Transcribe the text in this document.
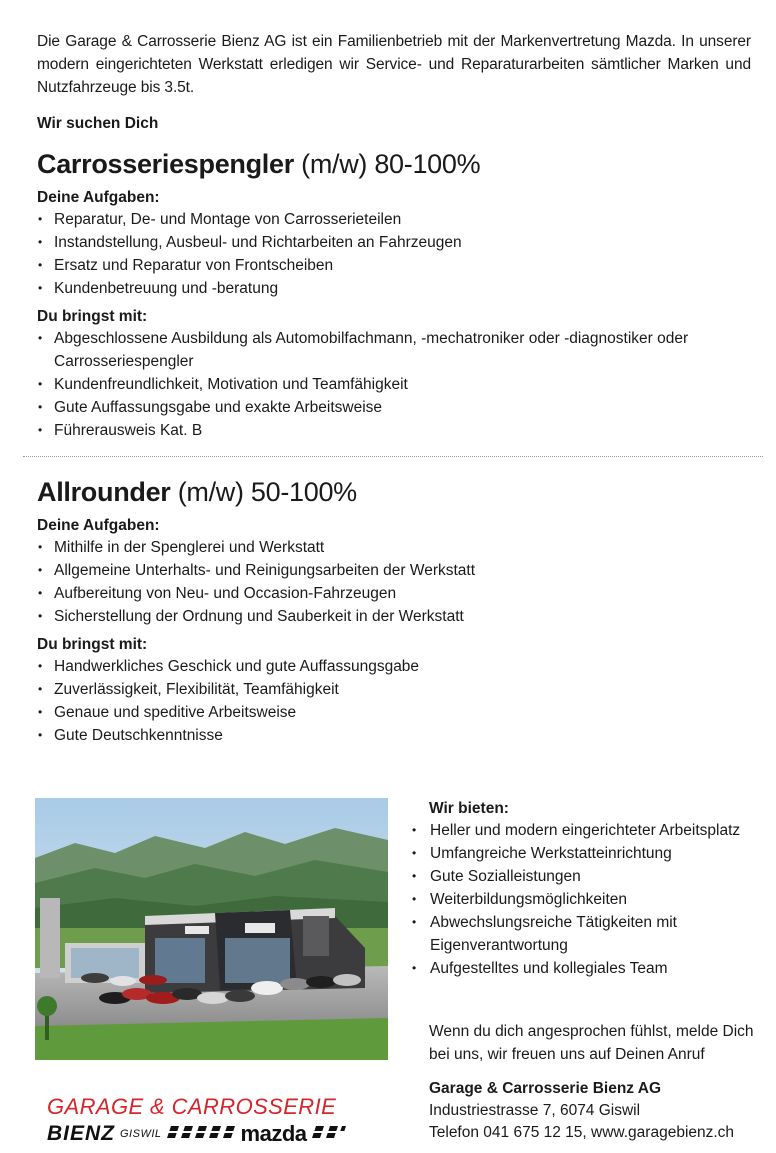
Die Garage & Carrosserie Bienz AG ist ein Familienbetrieb mit der Markenvertretung Mazda. In unserer modern eingerichteten Werkstatt erledigen wir Service- und Reparaturarbeiten sämtlicher Marken und Nutzfahrzeuge bis 3.5t.

Wir suchen Dich
Carrosseriespengler (m/w) 80-100%
Deine Aufgaben:
• Reparatur, De- und Montage von Carrosserieteilen
• Instandstellung, Ausbeul- und Richtarbeiten an Fahrzeugen
• Ersatz und Reparatur von Frontscheiben
• Kundenbetreuung und -beratung
Du bringst mit:
• Abgeschlossene Ausbildung als Automobilfachmann, -mechatroniker oder -diagnostiker oder Carrosseriespengler
• Kundenfreundlichkeit, Motivation und Teamfähigkeit
• Gute Auffassungsgabe und exakte Arbeitsweise
• Führerausweis Kat. B
Allrounder (m/w) 50-100%
Deine Aufgaben:
• Mithilfe in der Spenglerei und Werkstatt
• Allgemeine Unterhalts- und Reinigungsarbeiten der Werkstatt
• Aufbereitung von Neu- und Occasion-Fahrzeugen
• Sicherstellung der Ordnung und Sauberkeit in der Werkstatt
Du bringst mit:
• Handwerkliches Geschick und gute Auffassungsgabe
• Zuverlässigkeit, Flexibilität, Teamfähigkeit
• Genaue und speditive Arbeitsweise
• Gute Deutschkenntnisse
Wir bieten:
• Heller und modern eingerichteter Arbeitsplatz
• Umfangreiche Werkstatteinrichtung
• Gute Sozialleistungen
• Weiterbildungsmöglichkeiten
• Abwechslungsreiche Tätigkeiten mit Eigenverantwortung
• Aufgestelltes und kollegiales Team

Wenn du dich angesprochen fühlst, melde Dich bei uns, wir freuen uns auf Deinen Anruf

Garage & Carrosserie Bienz AG
Industriestrasse 7, 6074 Giswil
Telefon 041 675 12 15, www.garagebienz.ch
GARAGE & CARROSSERIE
BIENZ GISWIL	mazda
